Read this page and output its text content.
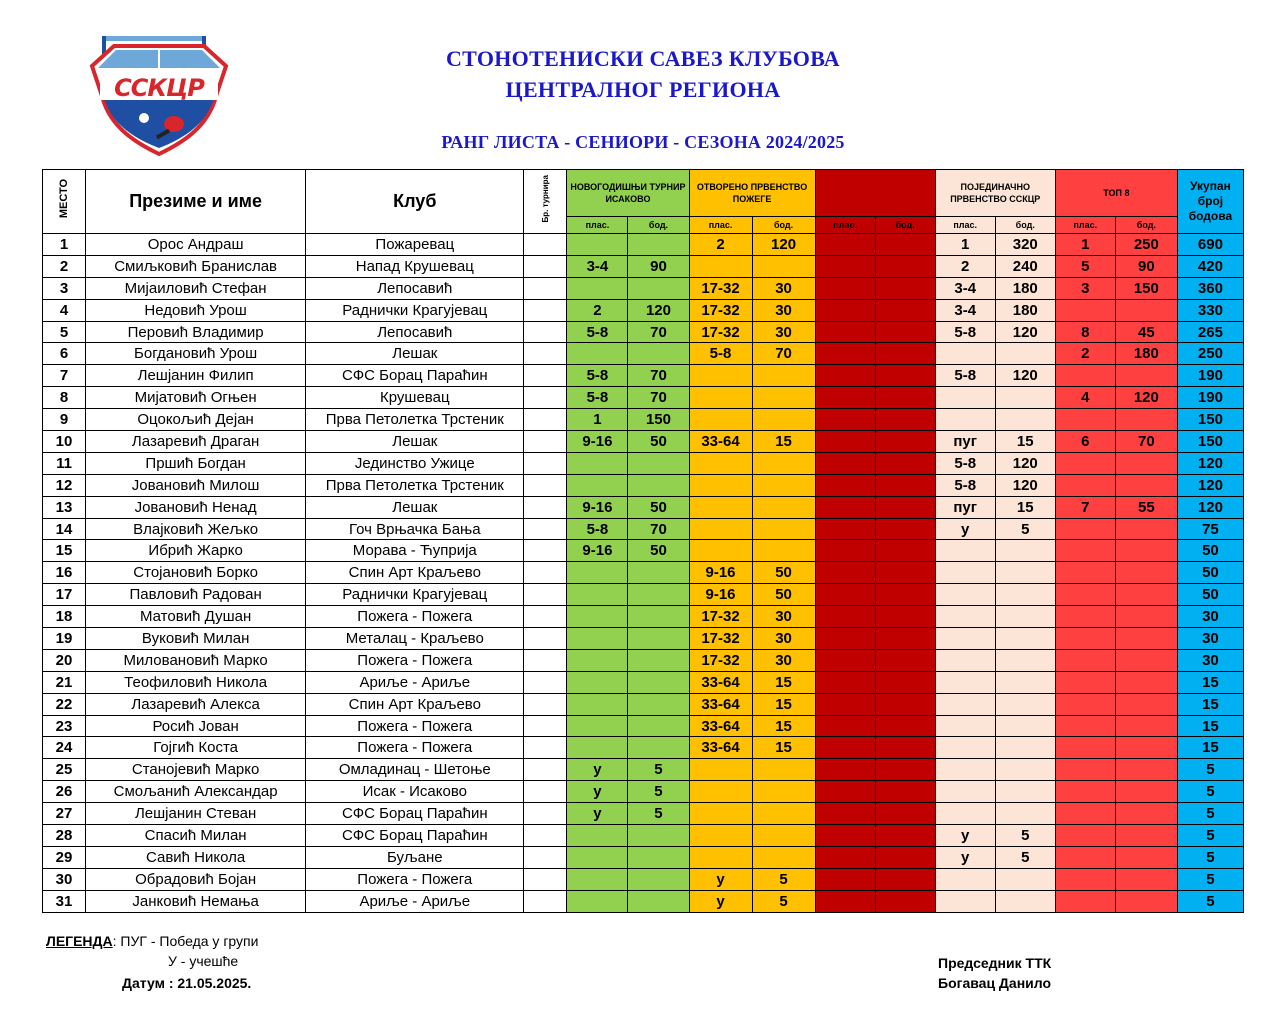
ССКЦР
СТОНОТЕНИСКИ САВЕЗ КЛУБОВА
ЦЕНТРАЛНОГ РЕГИОНА
РАНГ ЛИСТА - СЕНИОРИ - СЕЗОНА 2024/2025
МЕСТО	Презиме и име	Клуб	Бр. турнира	НОВОГОДИШЊИ ТУРНИР ИСАКОВО		ОТВОРЕНО ПРВЕНСТВО ПОЖЕГЕ				ПОЈЕДИНАЧНО ПРВЕНСТВО ССКЦР		ТОП 8		Укупан број бодова
				плас.	бод.	плас.	бод.	плас.	бод.	плас.	бод.	плас.	бод.	
1	Орос Андраш	Пожаревац				2	120			1	320	1	250	690
2	Смиљковић Бранислав	Напад Крушевац		3-4	90					2	240	5	90	420
3	Мијаиловић Стефан	Лепосавић				17-32	30			3-4	180	3	150	360
4	Недовић Урош	Раднички Крагујевац		2	120	17-32	30			3-4	180			330
5	Перовић Владимир	Лепосавић		5-8	70	17-32	30			5-8	120	8	45	265
6	Богдановић Урош	Лешак				5-8	70					2	180	250
7	Лешјанин Филип	СФС Борац Параћин		5-8	70					5-8	120			190
8	Мијатовић Огњен	Крушевац		5-8	70							4	120	190
9	Оцокољић Дејан	Прва Петолетка Трстеник		1	150									150
10	Лазаревић Драган	Лешак		9-16	50	33-64	15			пуг	15	6	70	150
11	Пршић Богдан	Јединство Ужице								5-8	120			120
12	Јовановић Милош	Прва Петолетка Трстеник								5-8	120			120
13	Јовановић Ненад	Лешак		9-16	50					пуг	15	7	55	120
14	Влајковић Жељко	Гоч Врњачка Бања		5-8	70					у	5			75
15	Ибрић Жарко	Морава - Ћуприја		9-16	50									50
16	Стојановић Борко	Спин Арт Краљево				9-16	50							50
17	Павловић Радован	Раднички Крагујевац				9-16	50							50
18	Матовић Душан	Пожега - Пожега				17-32	30							30
19	Вуковић Милан	Металац - Краљево				17-32	30							30
20	Миловановић Марко	Пожега - Пожега				17-32	30							30
21	Теофиловић Никола	Ариље - Ариље				33-64	15							15
22	Лазаревић Алекса	Спин Арт Краљево				33-64	15							15
23	Росић Јован	Пожега - Пожега				33-64	15							15
24	Гојгић Коста	Пожега - Пожега				33-64	15							15
25	Станојевић Марко	Омладинац - Шетоње		у	5									5
26	Смољанић Александар	Исак - Исаково		у	5									5
27	Лешјанин Стеван	СФС Борац Параћин		у	5									5
28	Спасић Милан	СФС Борац Параћин								у	5			5
29	Савић Никола	Буљане								у	5			5
30	Обрадовић Бојан	Пожега - Пожега				у	5							5
31	Јанковић Немања	Ариље - Ариље				у	5							5
ЛЕГЕНДА: ПУГ - Победа у групи
У - учешће
Датум : 21.05.2025.
Председник ТТК
Богавац Данило
